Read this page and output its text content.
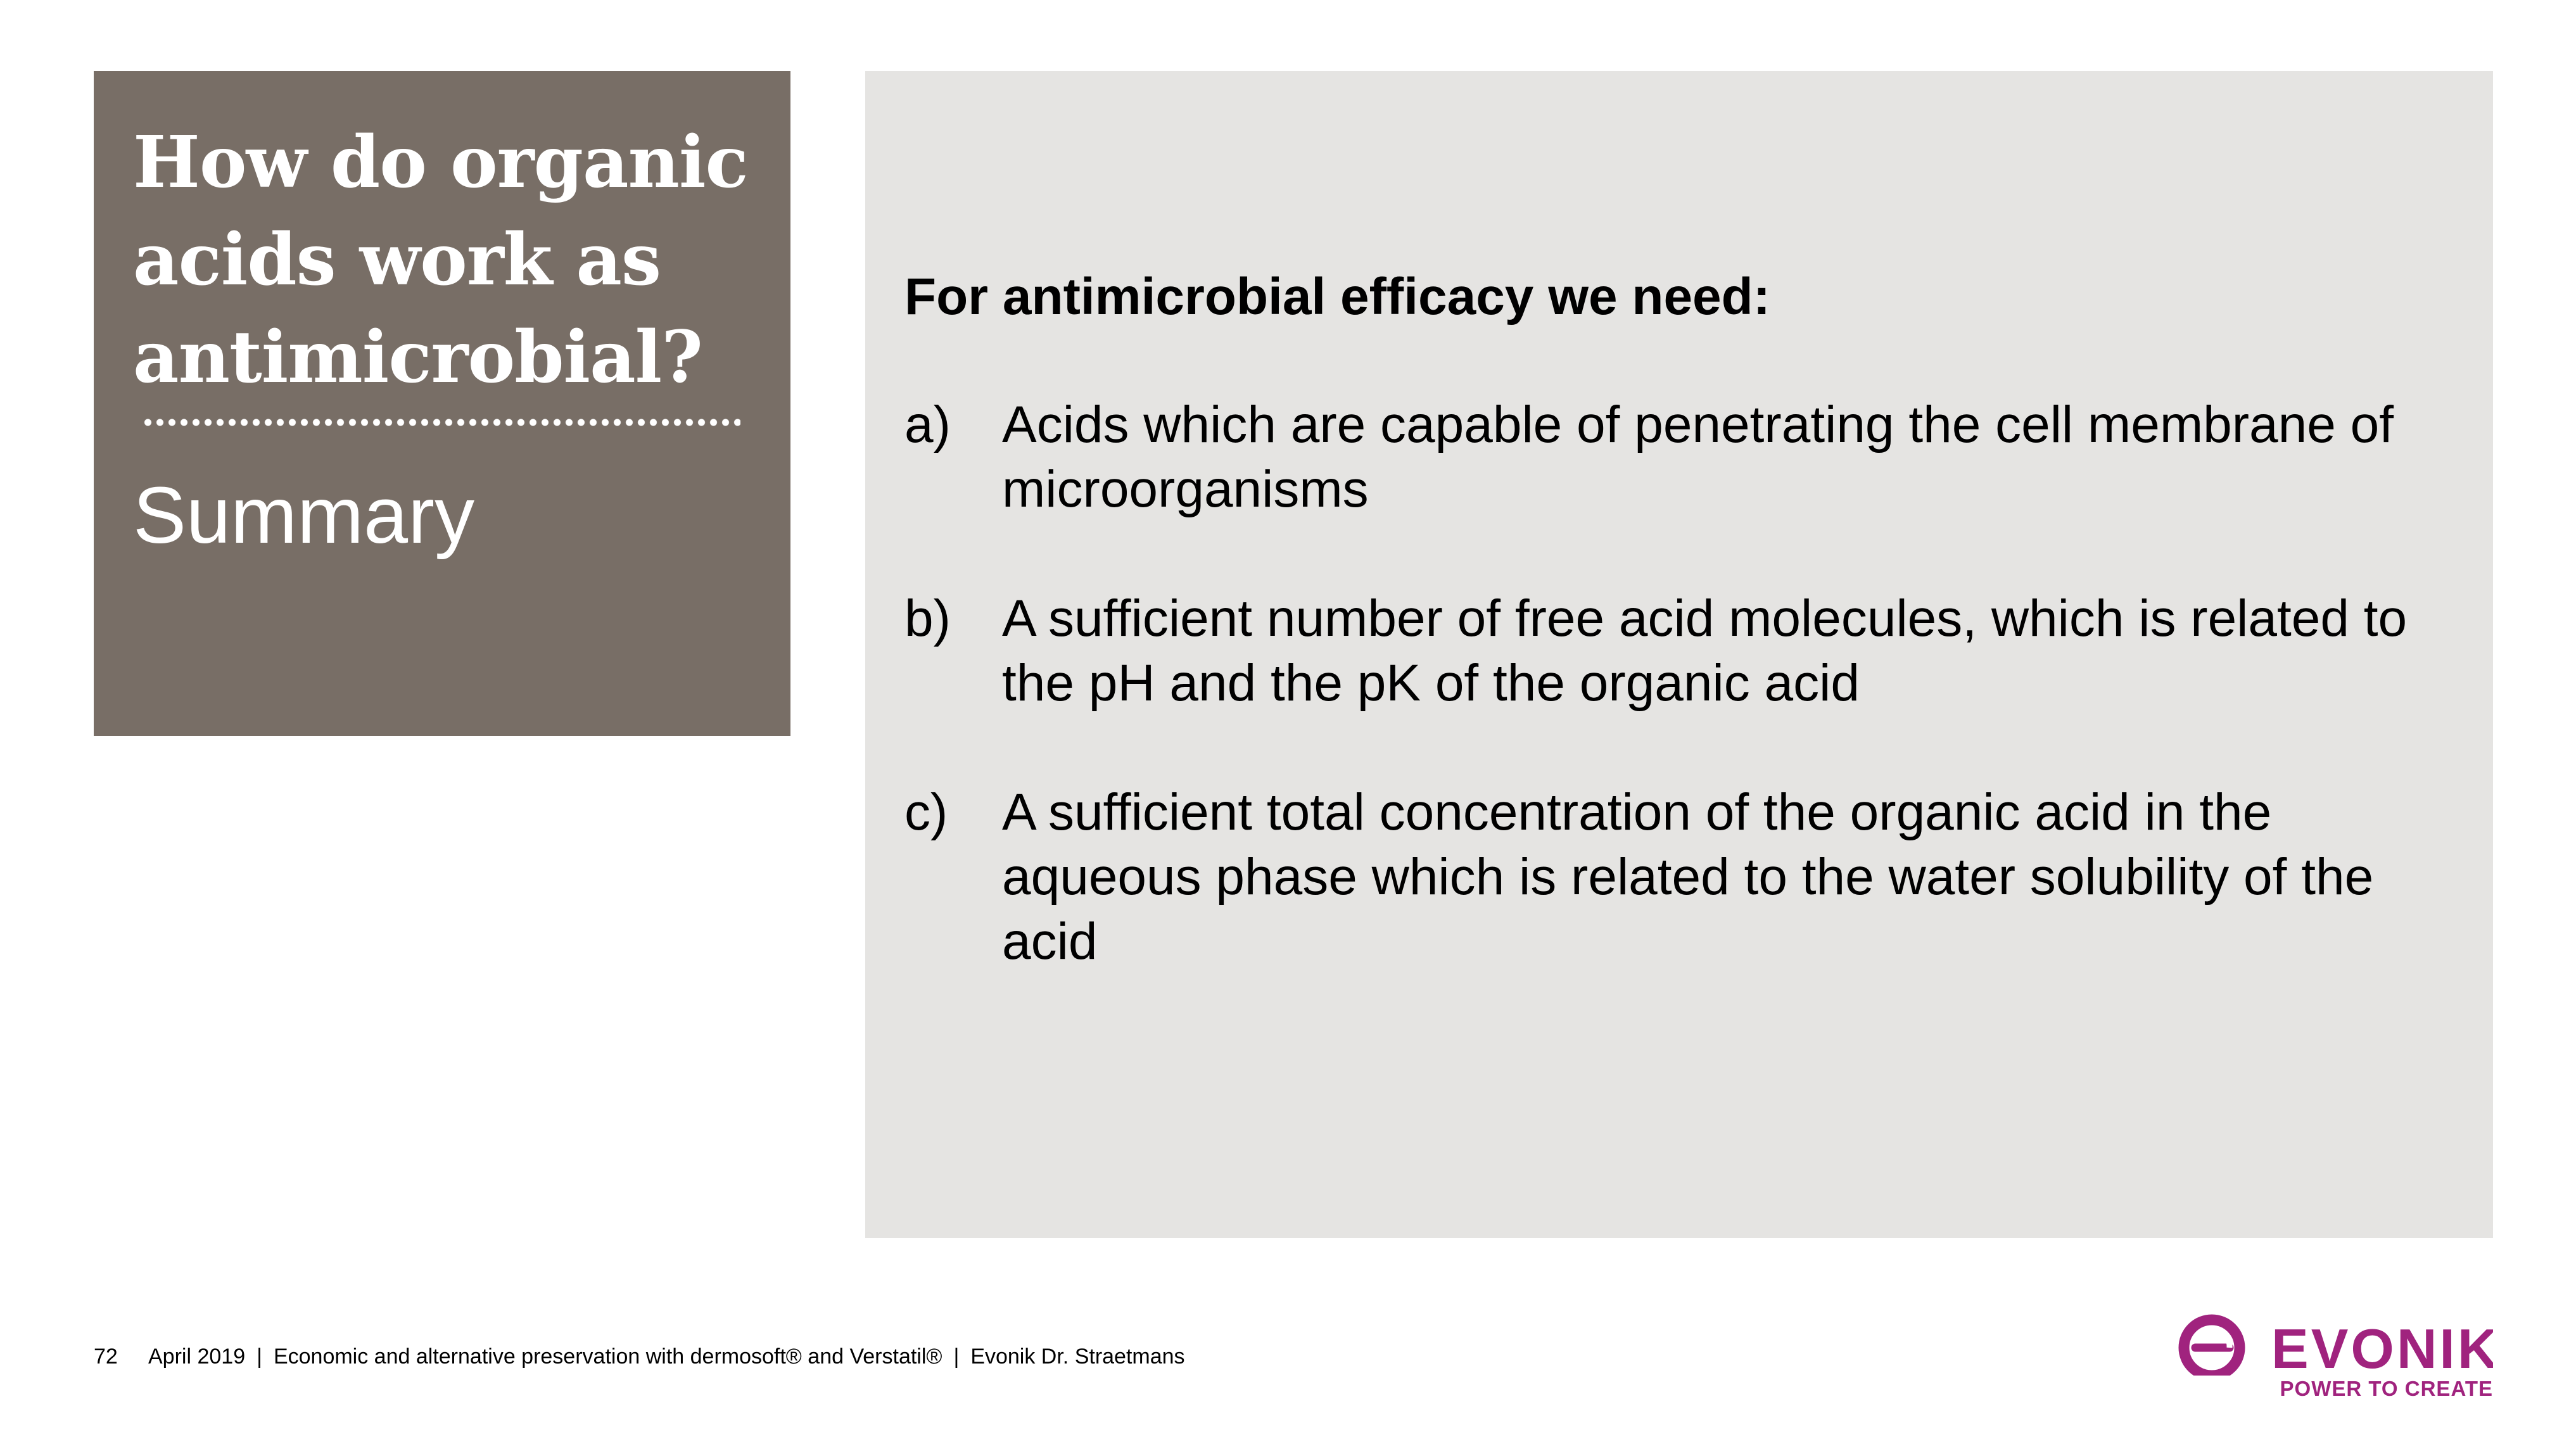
How do organic
acids work as
antimicrobial?
Summary

For antimicrobial efficacy we need:

a) Acids which are capable of penetrating the cell membrane of microorganisms
b) A sufficient number of free acid molecules, which is related to the pH and the pK of the organic acid
c)	A sufficient total concentration of the organic acid in the aqueous phase which is related to the water solubility of the acid
72 April 2019 | Economic and alternative preservation with dermosoft® and Verstatil® | Evonik Dr. Straetmans	EVONIK
POWER TO CREATE
